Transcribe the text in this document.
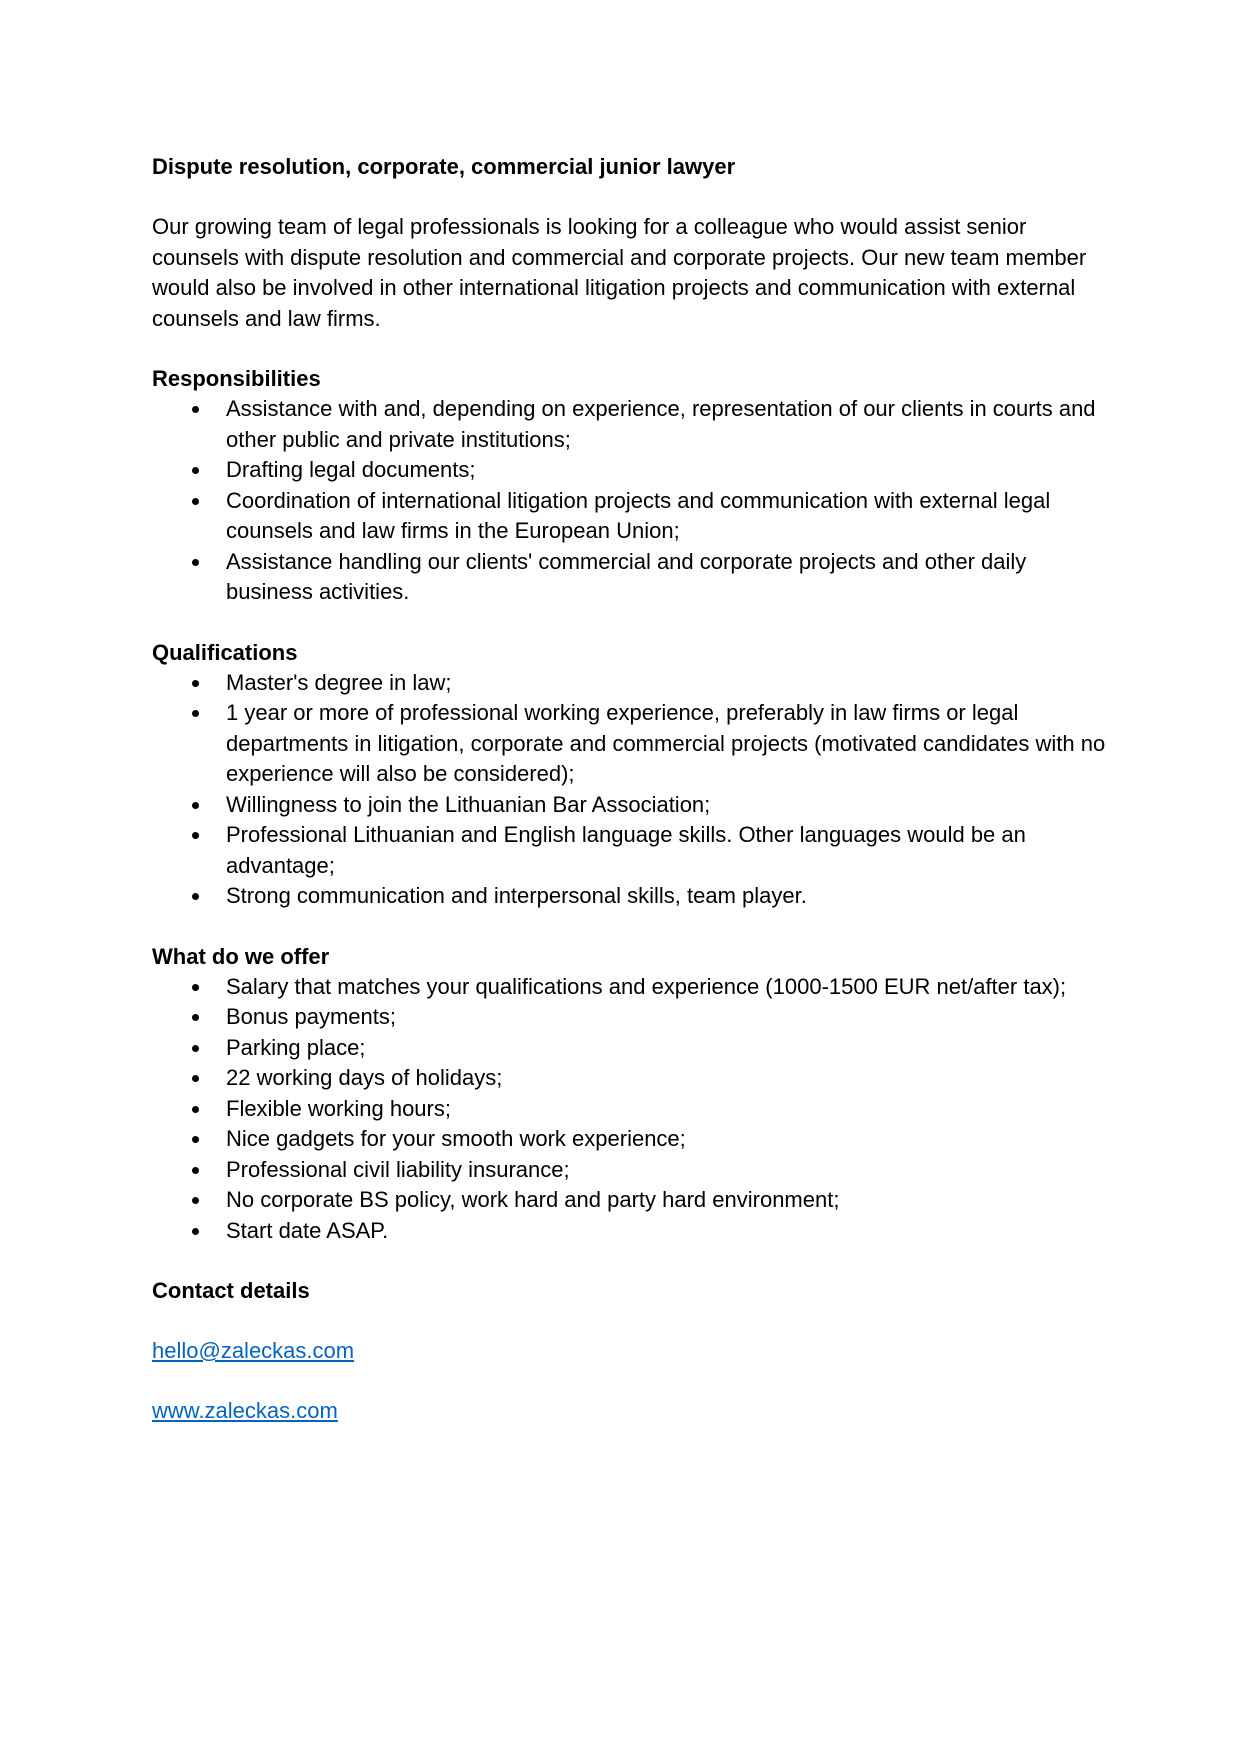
Dispute resolution, corporate, commercial junior lawyer

Our growing team of legal professionals is looking for a colleague who would assist senior counsels with dispute resolution and commercial and corporate projects. Our new team member would also be involved in other international litigation projects and communication with external counsels and law firms.

Responsibilities

Assistance with and, depending on experience, representation of our clients in courts and other public and private institutions;
Drafting legal documents;
Coordination of international litigation projects and communication with external legal counsels and law firms in the European Union;
Assistance handling our clients' commercial and corporate projects and other daily business activities.

Qualifications

Master's degree in law;
1 year or more of professional working experience, preferably in law firms or legal departments in litigation, corporate and commercial projects (motivated candidates with no experience will also be considered);
Willingness to join the Lithuanian Bar Association;
Professional Lithuanian and English language skills. Other languages would be an advantage;
Strong communication and interpersonal skills, team player.

What do we offer

Salary that matches your qualifications and experience (1000-1500 EUR net/after tax);
Bonus payments;
Parking place;
22 working days of holidays;
Flexible working hours;
Nice gadgets for your smooth work experience;
Professional civil liability insurance;
No corporate BS policy, work hard and party hard environment;
Start date ASAP.

Contact details

hello@zaleckas.com
www.zaleckas.com
